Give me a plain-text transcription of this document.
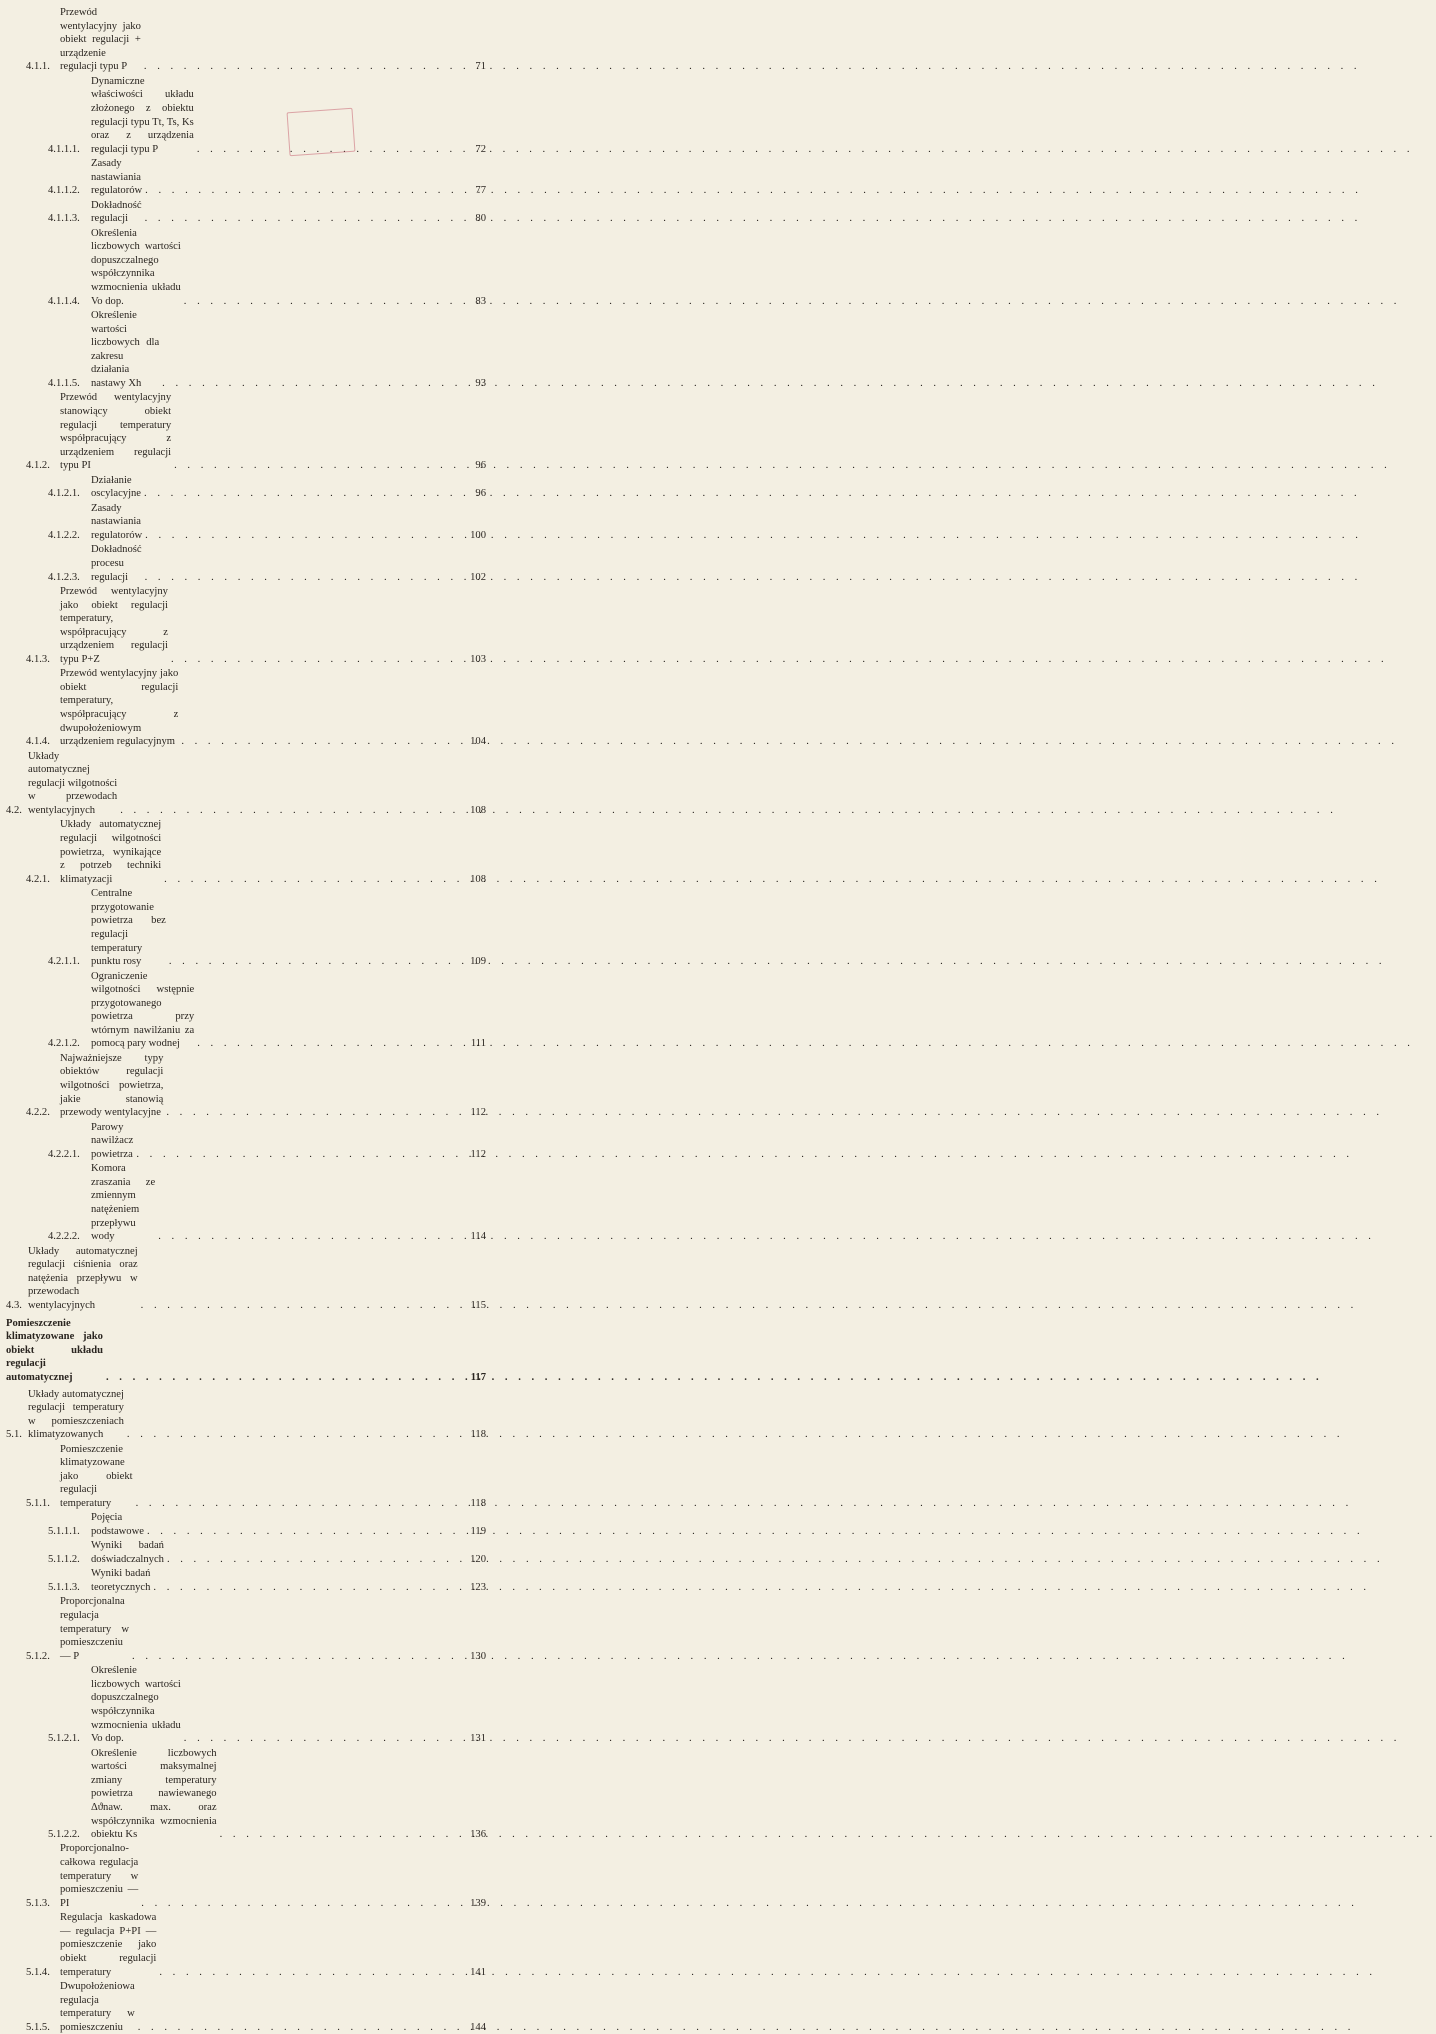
4.1.1.
Przewód wentylacyjny jako obiekt regulacji + urządzenie regulacji typu P . . .	71
4.1.1.1.
Dynamiczne właściwości układu złożonego z obiektu regulacji typu Tt, Ts, Ks oraz z urządzenia regulacji typu P . . .	72
4.1.1.2.
Zasady nastawiania regulatorów . . .	77
4.1.1.3.
Dokładność regulacji . . .	80
4.1.1.4.
Określenia liczbowych wartości dopuszczalnego współczynnika wzmocnienia układu Vo dop. . . .	83
4.1.1.5.
Określenie wartości liczbowych dla zakresu działania nastawy Xh . . .	93
4.1.2.
Przewód wentylacyjny stanowiący obiekt regulacji temperatury współpracujący z urządzeniem regulacji typu PI . . .	96
4.1.2.1.
Działanie oscylacyjne . . .	96
4.1.2.2.
Zasady nastawiania regulatorów . . .	100
4.1.2.3.
Dokładność procesu regulacji . . .	102
4.1.3.
Przewód wentylacyjny jako obiekt regulacji temperatury, współpracujący z urządzeniem regulacji typu P+Z . . .	103
4.1.4.
Przewód wentylacyjny jako obiekt regulacji temperatury, współpracujący z dwupołożeniowym urządzeniem regulacyjnym . . .	104
4.2.
Układy automatycznej regulacji wilgotności w przewodach wentylacyjnych . . .	108
4.2.1.
Układy automatycznej regulacji wilgotności powietrza, wynikające z potrzeb techniki klimatyzacji . . .	108
4.2.1.1.
Centralne przygotowanie powietrza bez regulacji temperatury punktu rosy . . .	109
4.2.1.2.
Ograniczenie wilgotności wstępnie przygotowanego powietrza przy wtórnym nawilżaniu za pomocą pary wodnej . . .	111
4.2.2.
Najważniejsze typy obiektów regulacji wilgotności powietrza, jakie stanowią przewody wentylacyjne . . .	112
4.2.2.1.
Parowy nawilżacz powietrza . . .	112
4.2.2.2.
Komora zraszania ze zmiennym natężeniem przepływu wody . . .	114
4.3.
Układy automatycznej regulacji ciśnienia oraz natężenia przepływu w przewodach wentylacyjnych . . .	115
Pomieszczenie klimatyzowane jako obiekt układu regulacji automatycznej . . .	117
5.1.
Układy automatycznej regulacji temperatury w pomieszczeniach klimatyzowanych . . .	118
5.1.1.
Pomieszczenie klimatyzowane jako obiekt regulacji temperatury . . .	118
5.1.1.1.
Pojęcia podstawowe . . .	119
5.1.1.2.
Wyniki badań doświadczalnych . . .	120
5.1.1.3.
Wyniki badań teoretycznych . . .	123
5.1.2.
Proporcjonalna regulacja temperatury w pomieszczeniu — P . . .	130
5.1.2.1.
Określenie liczbowych wartości dopuszczalnego współczynnika wzmocnienia układu Vo dop. . . .	131
5.1.2.2.
Określenie liczbowych wartości maksymalnej zmiany temperatury powietrza nawiewanego Δϑnaw. max. oraz współczynnika wzmocnienia obiektu Ks . . .	136
5.1.3.
Proporcjonalno-całkowa regulacja temperatury w pomieszczeniu — PI . . .	139
5.1.4.
Regulacja kaskadowa — regulacja P+PI — pomieszczenie jako obiekt regulacji temperatury . . .	141
5.1.5.
Dwupołożeniowa regulacja temperatury w pomieszczeniu . . .	144
